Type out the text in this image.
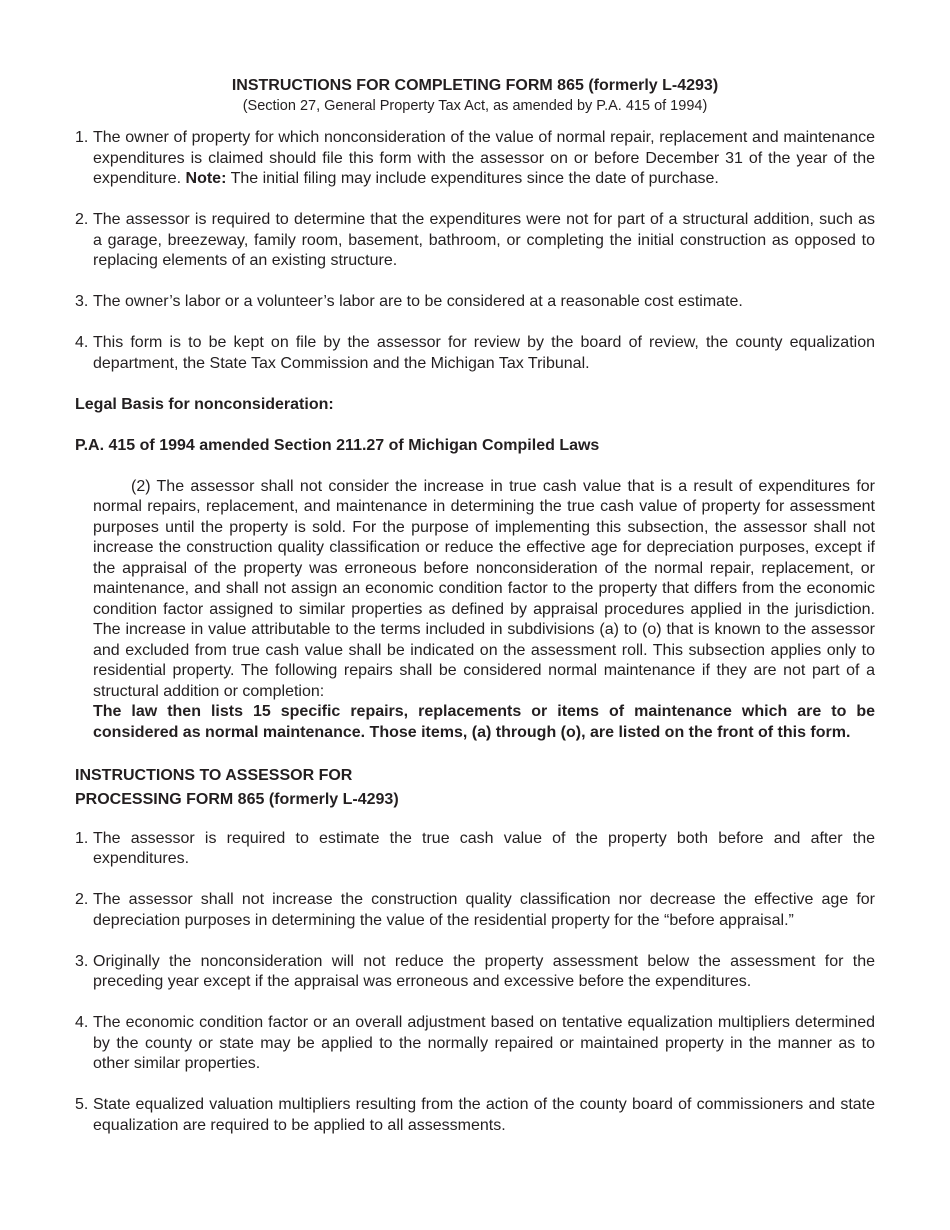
INSTRUCTIONS FOR COMPLETING FORM 865 (formerly L-4293)
(Section 27, General Property Tax Act, as amended by P.A. 415 of 1994)
1. The owner of property for which nonconsideration of the value of normal repair, replacement and maintenance expenditures is claimed should file this form with the assessor on or before December 31 of the year of the expenditure. Note: The initial filing may include expenditures since the date of purchase.
2. The assessor is required to determine that the expenditures were not for part of a structural addition, such as a garage, breezeway, family room, basement, bathroom, or completing the initial construction as opposed to replacing elements of an existing structure.
3. The owner’s labor or a volunteer’s labor are to be considered at a reasonable cost estimate.
4. This form is to be kept on file by the assessor for review by the board of review, the county equalization department, the State Tax Commission and the Michigan Tax Tribunal.
Legal Basis for nonconsideration:
P.A. 415 of 1994 amended Section 211.27 of Michigan Compiled Laws
(2) The assessor shall not consider the increase in true cash value that is a result of expenditures for normal repairs, replacement, and maintenance in determining the true cash value of property for assessment purposes until the property is sold. For the purpose of implementing this subsection, the assessor shall not increase the construction quality classification or reduce the effective age for depreciation purposes, except if the appraisal of the property was erroneous before nonconsideration of the normal repair, replacement, or maintenance, and shall not assign an economic condition factor to the property that differs from the economic condition factor assigned to similar properties as defined by appraisal procedures applied in the jurisdiction. The increase in value attributable to the terms included in subdivisions (a) to (o) that is known to the assessor and excluded from true cash value shall be indicated on the assessment roll. This subsection applies only to residential property. The following repairs shall be considered normal maintenance if they are not part of a structural addition or completion:
The law then lists 15 specific repairs, replacements or items of maintenance which are to be considered as normal maintenance. Those items, (a) through (o), are listed on the front of this form.
INSTRUCTIONS TO ASSESSOR FOR
PROCESSING FORM 865 (formerly L-4293)
1. The assessor is required to estimate the true cash value of the property both before and after the expenditures.
2. The assessor shall not increase the construction quality classification nor decrease the effective age for depreciation purposes in determining the value of the residential property for the “before appraisal.”
3. Originally the nonconsideration will not reduce the property assessment below the assessment for the preceding year except if the appraisal was erroneous and excessive before the expenditures.
4. The economic condition factor or an overall adjustment based on tentative equalization multipliers determined by the county or state may be applied to the normally repaired or maintained property in the manner as to other similar properties.
5. State equalized valuation multipliers resulting from the action of the county board of commissioners and state equalization are required to be applied to all assessments.
